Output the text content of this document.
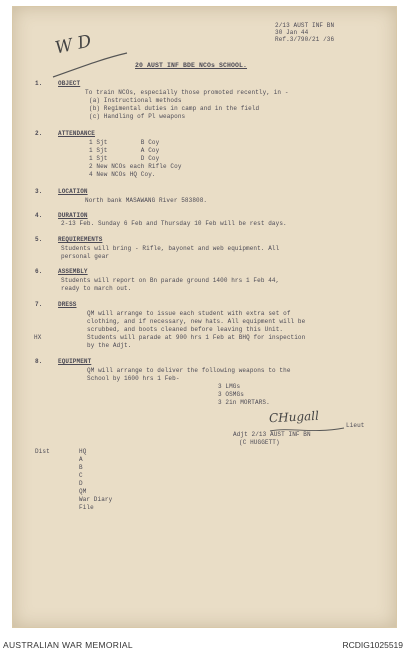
W D
2/13 AUST INF BN
30 Jan 44
Ref.3/790/21 /36
20 AUST INF BDE NCOs SCHOOL.
1.	OBJECT
To train NCOs, especially those promoted recently, in -
(a) Instructional methods
(b) Regimental duties in camp and in the field
(c) Handling of Pl weapons
2.	ATTENDANCE
1 Sjt         B Coy
1 Sjt         A Coy
1 Sjt         D Coy
2 New NCOs each Rifle Coy
4 New NCOs HQ Coy.
3.	LOCATION
North bank MASAWANG River 583808.
4.	DURATION
2-13 Feb. Sunday 6 Feb and Thursday 10 Feb will be rest days.
5.	REQUIREMENTS
Students will bring - Rifle, bayonet and web equipment. All
personal gear
6.	ASSEMBLY
Students will report on Bn parade ground 1400 hrs 1 Feb 44,
ready to march out.
7.	DRESS
QM will arrange to issue each student with extra set of
clothing, and if necessary, new hats. All equipment will be
scrubbed, and boots cleaned before leaving this Unit.
HX	Students will parade at 900 hrs 1 Feb at BHQ for inspection
by the Adjt.
8.	EQUIPMENT
QM will arrange to deliver the following weapons to the
School by 1600 hrs 1 Feb-
3 LMGs
3 OSMGs
3 2in MORTARS.
CHugall
Lieut
Adjt 2/13 AUST INF BN
(C HUGGETT)
Dist	HQ
A
B
C
D
QM
War Diary
File
AUSTRALIAN WAR MEMORIAL	RCDIG1025519
